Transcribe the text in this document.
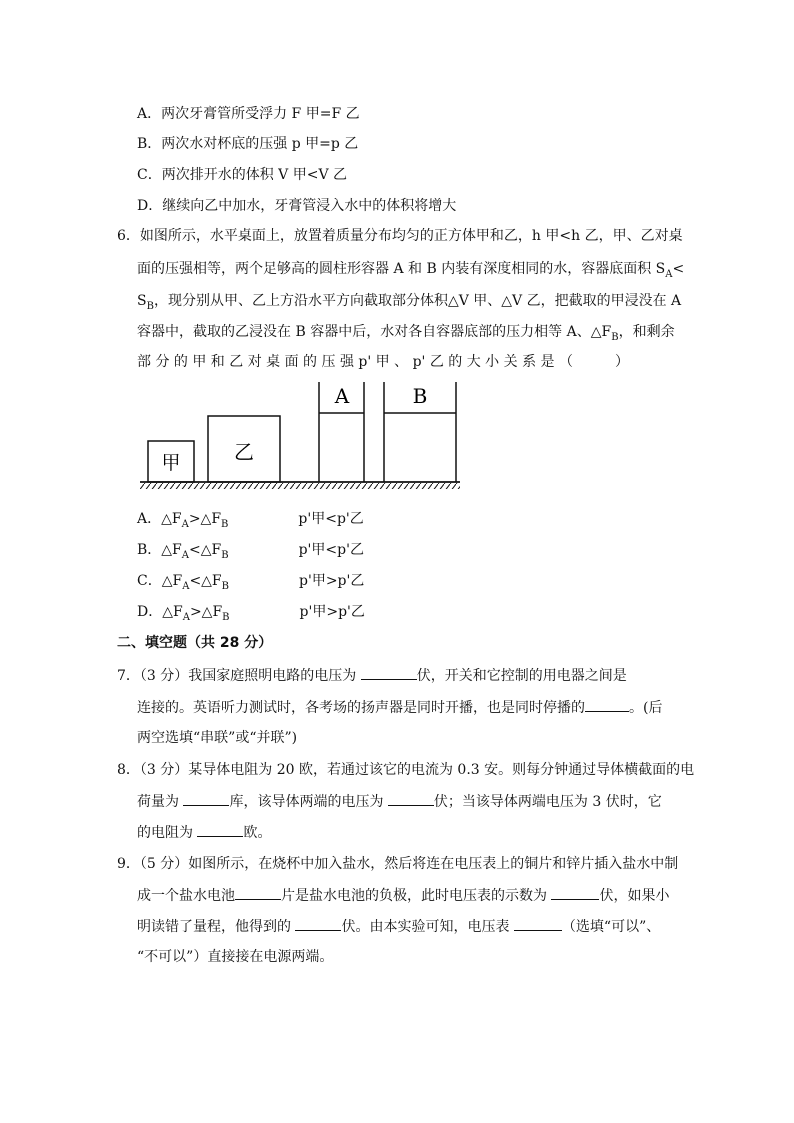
A．两次牙膏管所受浮力 F 甲=F 乙
B．两次水对杯底的压强 p 甲=p 乙
C．两次排开水的体积 V 甲<V 乙
D．继续向乙中加水，牙膏管浸入水中的体积将增大
6．如图所示，水平桌面上，放置着质量分布均匀的正方体甲和乙，h 甲<h 乙，甲、乙对桌
面的压强相等，两个足够高的圆柱形容器 A 和 B 内装有深度相同的水，容器底面积 $S_A<$
$S_B$，现分别从甲、乙上方沿水平方向截取部分体积△V 甲、△V 乙，把截取的甲浸没在 A
容器中，截取的乙浸没在 B 容器中后，水对各自容器底部的压力相等 A、$\triangle F_B$，和剩余
部 分 的 甲 和 乙 对 桌 面 的 压 强 p' 甲 、 p' 乙 的 大 小 关 系 是 （　　　）
甲	乙
A	B
A．$\triangle F_A>\triangle F_B$	p'甲<p'乙
B．$\triangle F_A<\triangle F_B$	p'甲<p'乙
C．$\triangle F_A<\triangle F_B$	p'甲>p'乙
D．$\triangle F_A>\triangle F_B$	p'甲>p'乙
二、填空题（共 28 分）
7．（3 分）我国家庭照明电路的电压为	伏，开关和它控制的用电器之间是
连接的。英语听力测试时，各考场的扬声器是同时开播，也是同时停播的	。(后
两空选填“串联”或“并联”)
8．（3 分）某导体电阻为 20 欧，若通过该它的电流为 0.3 安。则每分钟通过导体横截面的电
荷量为	库，该导体两端的电压为	伏；当该导体两端电压为 3 伏时，它
的电阻为	欧。
9．（5 分）如图所示，在烧杯中加入盐水，然后将连在电压表上的铜片和锌片插入盐水中制
成一个盐水电池	片是盐水电池的负极，此时电压表的示数为	伏，如果小
明读错了量程，他得到的	伏。由本实验可知，电压表	（选填“可以”、
“不可以”）直接接在电源两端。
